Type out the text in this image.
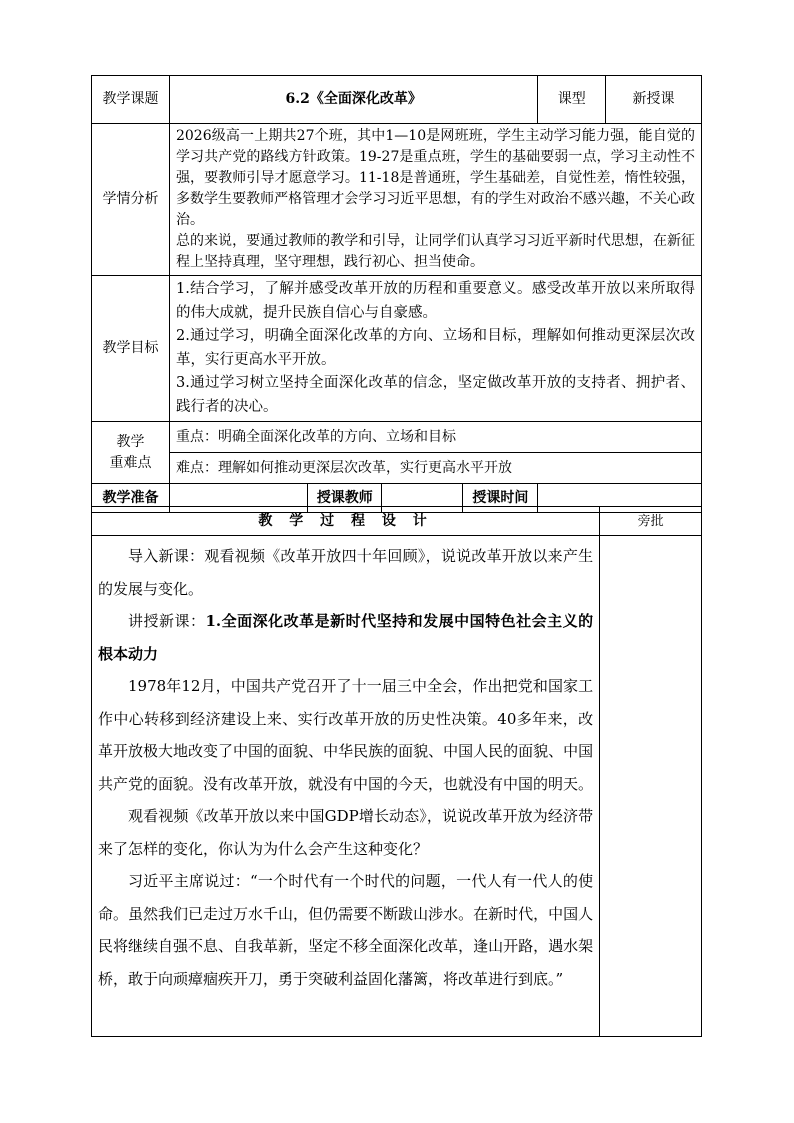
教学课题	6.2《全面深化改革》				课型	新授课
学情分析	2026级高一上期共27个班，其中1—10是网班班，学生主动学习能力强，能自觉的学习共产党的路线方针政策。19-27是重点班，学生的基础要弱一点，学习主动性不强，要教师引导才愿意学习。11-18是普通班，学生基础差，自觉性差，惰性较强，多数学生要教师严格管理才会学习习近平思想，有的学生对政治不感兴趣，不关心政治。

总的来说，要通过教师的教学和引导，让同学们认真学习习近平新时代思想，在新征程上坚持真理，坚守理想，践行初心、担当使命。					

教学目标	1.结合学习，了解并感受改革开放的历程和重要意义。感受改革开放以来所取得的伟大成就，提升民族自信心与自豪感。

2.通过学习，明确全面深化改革的方向、立场和目标，理解如何推动更深层次改革，实行更高水平开放。

3.通过学习树立坚持全面深化改革的信念，坚定做改革开放的支持者、拥护者、践行者的决心。					

教学
重难点	重点：明确全面深化改革的方向、立场和目标					
	难点：理解如何推动更深层次改革，实行更高水平开放					
教学准备		授课教师		授课时间		
教 学 过 程 设 计	旁批

导入新课：观看视频《改革开放四十年回顾》，说说改革开放以来产生的发展与变化。

讲授新课：1.全面深化改革是新时代坚持和发展中国特色社会主义的根本动力

1978年12月，中国共产党召开了十一届三中全会，作出把党和国家工作中心转移到经济建设上来、实行改革开放的历史性决策。40多年来，改革开放极大地改变了中国的面貌、中华民族的面貌、中国人民的面貌、中国共产党的面貌。没有改革开放，就没有中国的今天，也就没有中国的明天。

观看视频《改革开放以来中国GDP增长动态》，说说改革开放为经济带来了怎样的变化，你认为为什么会产生这种变化？

习近平主席说过：“一个时代有一个时代的问题，一代人有一代人的使命。虽然我们已走过万水千山，但仍需要不断跋山涉水。在新时代，中国人民将继续自强不息、自我革新，坚定不移全面深化改革，逢山开路，遇水架桥，敢于向顽瘴痼疾开刀，勇于突破利益固化藩篱，将改革进行到底。”	
